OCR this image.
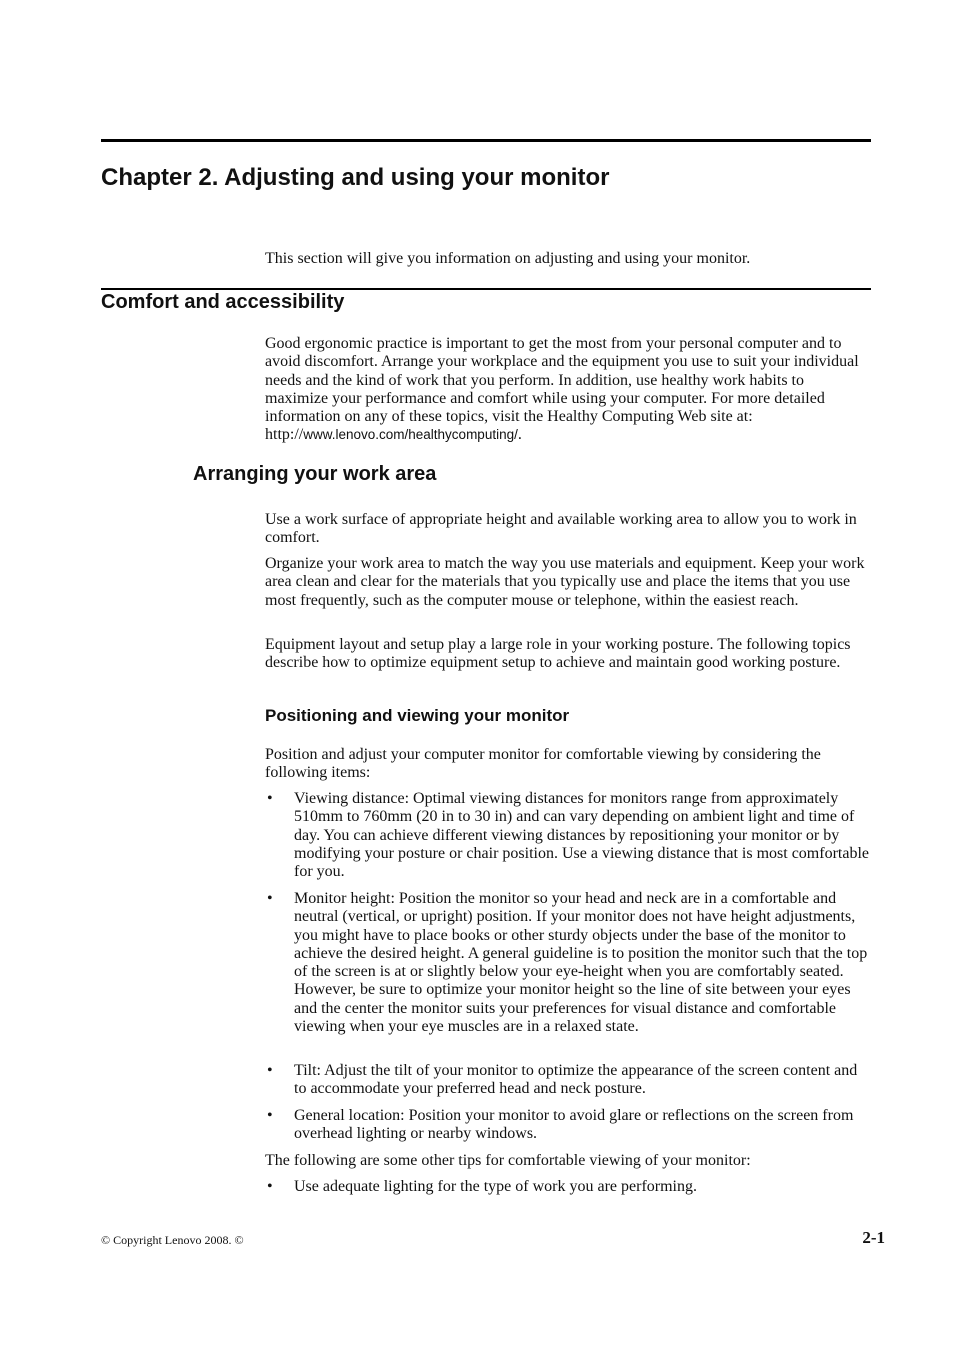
Chapter 2. Adjusting and using your monitor

This section will give you information on adjusting and using your monitor.

Comfort and accessibility

Good ergonomic practice is important to get the most from your personal computer and to avoid discomfort. Arrange your workplace and the equipment you use to suit your individual needs and the kind of work that you perform. In addition, use healthy work habits to maximize your performance and comfort while using your computer. For more detailed information on any of these topics, visit the Healthy Computing Web site at: http://www.lenovo.com/healthycomputing/.

Arranging your work area

Use a work surface of appropriate height and available working area to allow you to work in comfort.

Organize your work area to match the way you use materials and equipment. Keep your work area clean and clear for the materials that you typically use and place the items that you use most frequently, such as the computer mouse or telephone, within the easiest reach.

Equipment layout and setup play a large role in your working posture. The following topics describe how to optimize equipment setup to achieve and maintain good working posture.

Positioning and viewing your monitor

Position and adjust your computer monitor for comfortable viewing by considering the following items:

•	Viewing distance: Optimal viewing distances for monitors range from approximately 510mm to 760mm (20 in to 30 in) and can vary depending on ambient light and time of day. You can achieve different viewing distances by repositioning your monitor or by modifying your posture or chair position. Use a viewing distance that is most comfortable for you.
•	Monitor height: Position the monitor so your head and neck are in a comfortable and neutral (vertical, or upright) position. If your monitor does not have height adjustments, you might have to place books or other sturdy objects under the base of the monitor to achieve the desired height. A general guideline is to position the monitor such that the top of the screen is at or slightly below your eye-height when you are comfortably seated. However, be sure to optimize your monitor height so the line of site between your eyes and the center the monitor suits your preferences for visual distance and comfortable viewing when your eye muscles are in a relaxed state.
•	Tilt: Adjust the tilt of your monitor to optimize the appearance of the screen content and to accommodate your preferred head and neck posture.
•	General location: Position your monitor to avoid glare or reflections on the screen from overhead lighting or nearby windows.

The following are some other tips for comfortable viewing of your monitor:

•	Use adequate lighting for the type of work you are performing.
© Copyright Lenovo 2008. ©	2-1
